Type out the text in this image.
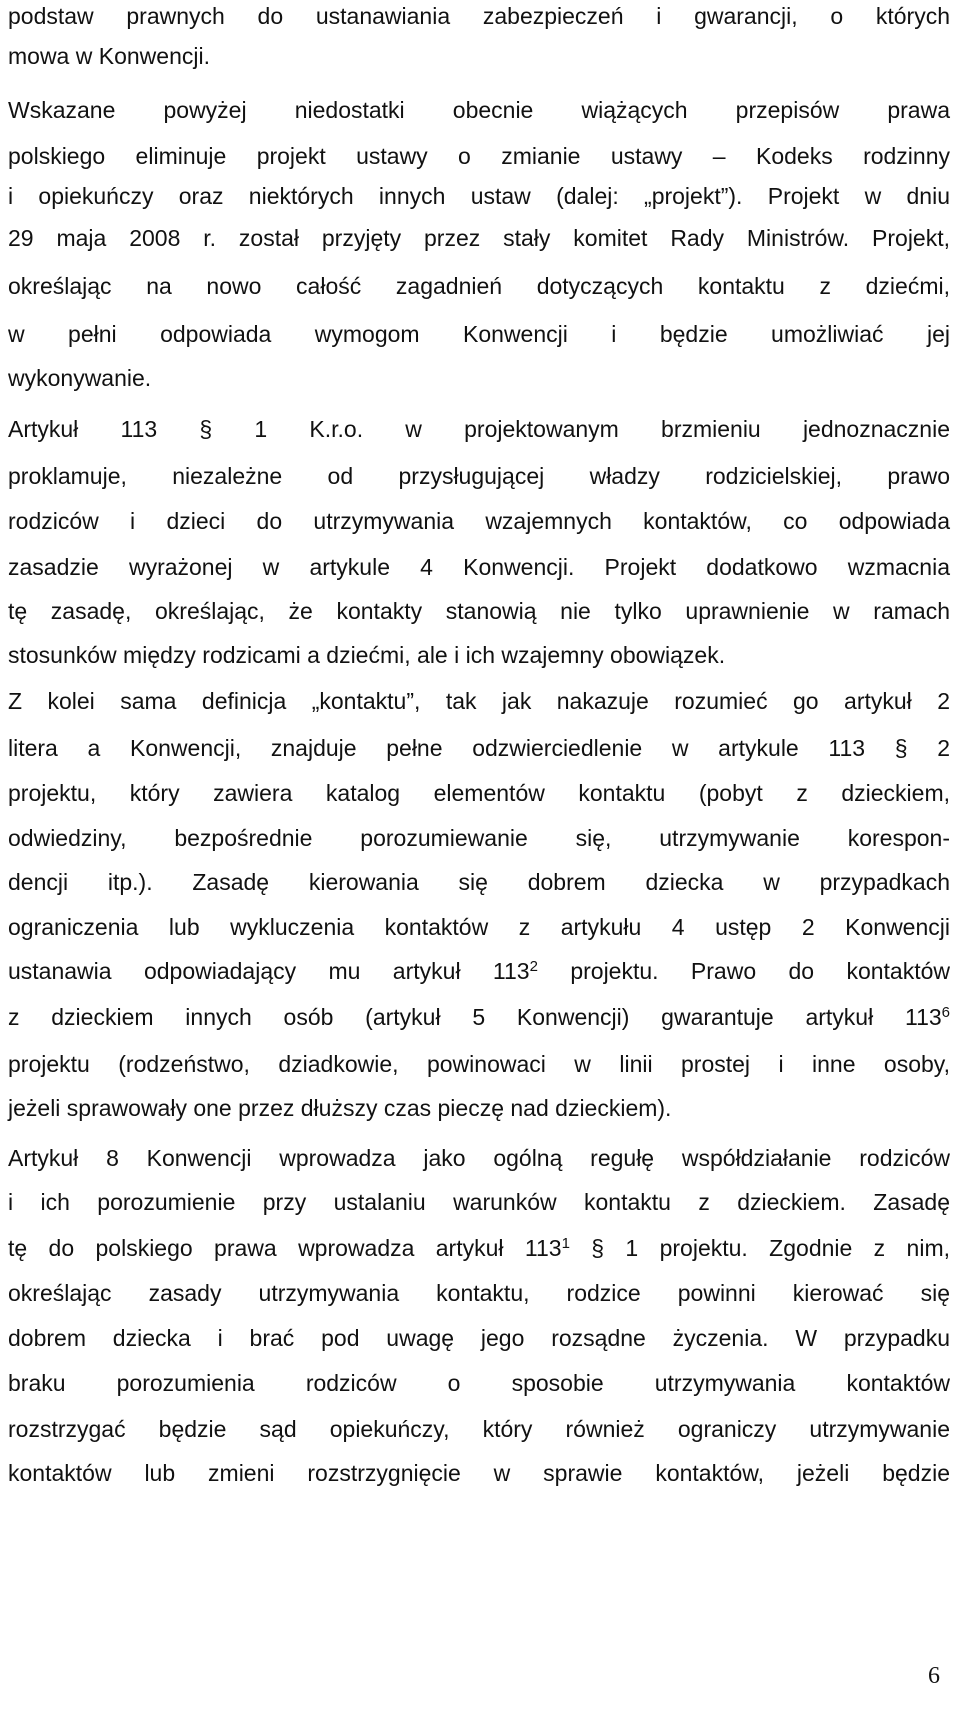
podstaw prawnych do ustanawiania zabezpieczeń i gwarancji, o których
mowa w Konwencji.
Wskazane powyżej niedostatki obecnie wiążących przepisów prawa
polskiego eliminuje projekt ustawy o zmianie ustawy – Kodeks rodzinny
i opiekuńczy oraz niektórych innych ustaw (dalej: „projekt”). Projekt w dniu
29 maja 2008 r. został przyjęty przez stały komitet Rady Ministrów. Projekt,
określając na nowo całość zagadnień dotyczących kontaktu z dziećmi,
w pełni odpowiada wymogom Konwencji i będzie umożliwiać jej
wykonywanie.
Artykuł 113 § 1 K.r.o. w projektowanym brzmieniu jednoznacznie
proklamuje, niezależne od przysługującej władzy rodzicielskiej, prawo
rodziców i dzieci do utrzymywania wzajemnych kontaktów, co odpowiada
zasadzie wyrażonej w artykule 4 Konwencji. Projekt dodatkowo wzmacnia
tę zasadę, określając, że kontakty stanowią nie tylko uprawnienie w ramach
stosunków między rodzicami a dziećmi, ale i ich wzajemny obowiązek.
Z kolei sama definicja „kontaktu”, tak jak nakazuje rozumieć go artykuł 2
litera a Konwencji, znajduje pełne odzwierciedlenie w artykule 113 § 2
projektu, który zawiera katalog elementów kontaktu (pobyt z dzieckiem,
odwiedziny, bezpośrednie porozumiewanie się, utrzymywanie korespon-
dencji itp.). Zasadę kierowania się dobrem dziecka w przypadkach
ograniczenia lub wykluczenia kontaktów z artykułu 4 ustęp 2 Konwencji
ustanawia odpowiadający mu artykuł $113^2$ projektu. Prawo do kontaktów
z dzieckiem innych osób (artykuł 5 Konwencji) gwarantuje artykuł $113^6$
projektu (rodzeństwo, dziadkowie, powinowaci w linii prostej i inne osoby,
jeżeli sprawowały one przez dłuższy czas pieczę nad dzieckiem).
Artykuł 8 Konwencji wprowadza jako ogólną regułę współdziałanie rodziców
i ich porozumienie przy ustalaniu warunków kontaktu z dzieckiem. Zasadę
tę do polskiego prawa wprowadza artykuł $113^1$ § 1 projektu. Zgodnie z nim,
określając zasady utrzymywania kontaktu, rodzice powinni kierować się
dobrem dziecka i brać pod uwagę jego rozsądne życzenia. W przypadku
braku porozumienia rodziców o sposobie utrzymywania kontaktów
rozstrzygać będzie sąd opiekuńczy, który również ograniczy utrzymywanie
kontaktów lub zmieni rozstrzygnięcie w sprawie kontaktów, jeżeli będzie
6
